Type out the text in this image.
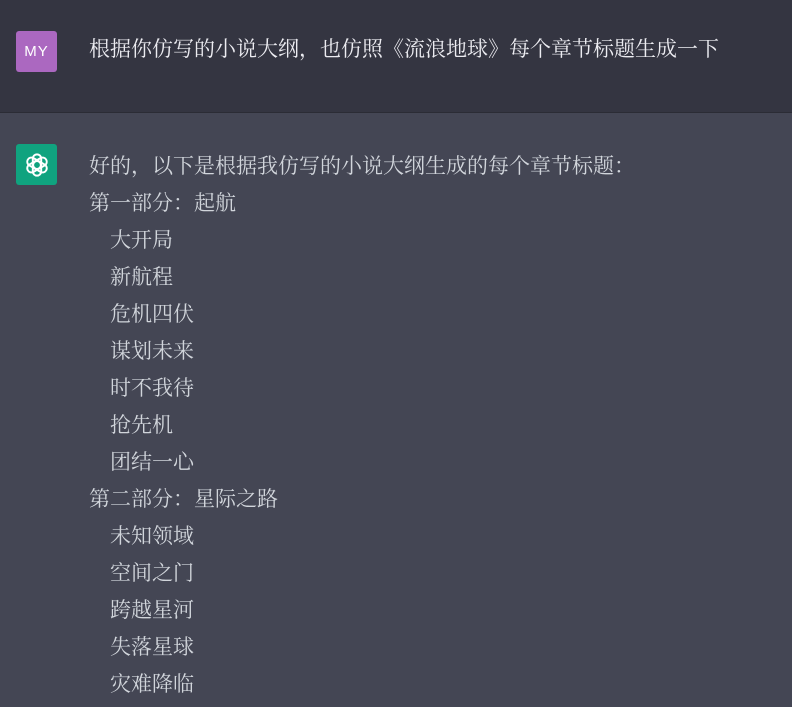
MY 根据你仿写的小说大纲，也仿照《流浪地球》每个章节标题生成一下
好的，以下是根据我仿写的小说大纲生成的每个章节标题：
第一部分：起航
大开局
新航程
危机四伏
谋划未来
时不我待
抢先机
团结一心
第二部分：星际之路
未知领域
空间之门
跨越星河
失落星球
灾难降临
